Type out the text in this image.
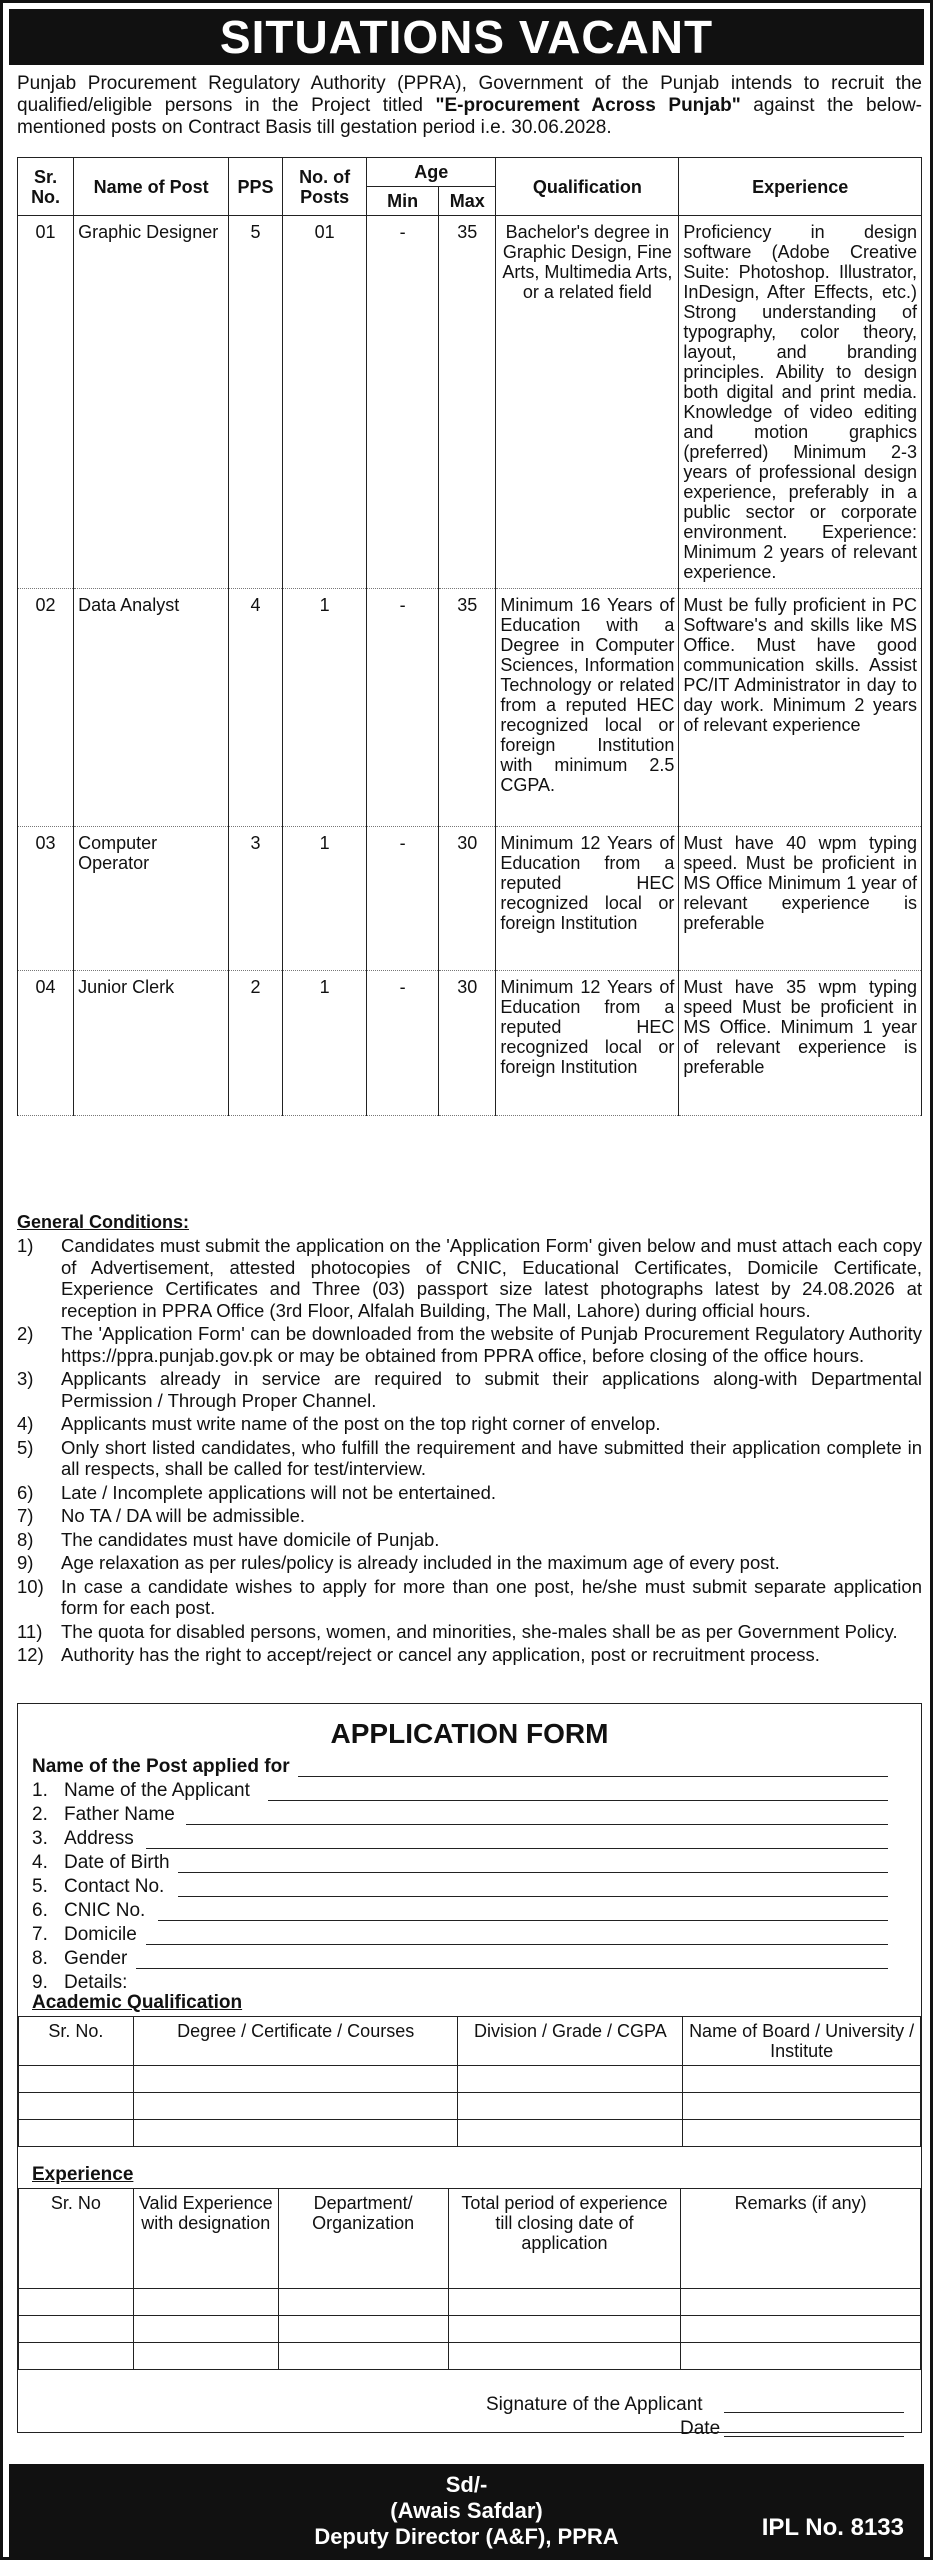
SITUATIONS VACANT
Punjab Procurement Regulatory Authority (PPRA), Government of the Punjab intends to recruit the qualified/eligible persons in the Project titled "E-procurement Across Punjab" against the below-mentioned posts on Contract Basis till gestation period i.e. 30.06.2028.
Sr. No.	Name of Post	PPS	No. of Posts	Age		Qualification	Experience
				Min	Max		
01	Graphic Designer	5	01	-	35	Bachelor's degree in Graphic Design, Fine Arts, Multimedia Arts, or a related field	Proficiency in design software (Adobe Creative Suite: Photoshop. Illustrator, InDesign, After Effects, etc.) Strong understanding of typography, color theory, layout, and branding principles. Ability to design both digital and print media. Knowledge of video editing and motion graphics (preferred) Minimum 2-3 years of professional design experience, preferably in a public sector or corporate environment. Experience: Minimum 2 years of relevant experience.
02	Data Analyst	4	1	-	35	Minimum 16 Years of Education with a Degree in Computer Sciences, Information Technology or related from a reputed HEC recognized local or foreign Institution with minimum 2.5 CGPA.	Must be fully proficient in PC Software's and skills like MS Office. Must have good communication skills. Assist PC/IT Administrator in day to day work. Minimum 2 years of relevant experience
03	Computer Operator	3	1	-	30	Minimum 12 Years of Education from a reputed HEC recognized local or foreign Institution	Must have 40 wpm typing speed. Must be proficient in MS Office Minimum 1 year of relevant experience is preferable
04	Junior Clerk	2	1	-	30	Minimum 12 Years of Education from a reputed HEC recognized local or foreign Institution	Must have 35 wpm typing speed Must be proficient in MS Office. Minimum 1 year of relevant experience is preferable
General Conditions:
1)	Candidates must submit the application on the 'Application Form' given below and must attach each copy of Advertisement, attested photocopies of CNIC, Educational Certificates, Domicile Certificate, Experience Certificates and Three (03) passport size latest photographs latest by 24.08.2026 at reception in PPRA Office (3rd Floor, Alfalah Building, The Mall, Lahore) during official hours.
2)	The 'Application Form' can be downloaded from the website of Punjab Procurement Regulatory Authority https://ppra.punjab.gov.pk or may be obtained from PPRA office, before closing of the office hours.
3)	Applicants already in service are required to submit their applications along-with Departmental Permission / Through Proper Channel.
4)	Applicants must write name of the post on the top right corner of envelop.
5)	Only short listed candidates, who fulfill the requirement and have submitted their application complete in all respects, shall be called for test/interview.
6)	Late / Incomplete applications will not be entertained.
7)	No TA / DA will be admissible.
8)	The candidates must have domicile of Punjab.
9)	Age relaxation as per rules/policy is already included in the maximum age of every post.
10) In case a candidate wishes to apply for more than one post, he/she must submit separate application form for each post.
11)	The quota for disabled persons, women, and minorities, she-males shall be as per Government Policy.
12) Authority has the right to accept/reject or cancel any application, post or recruitment process.
APPLICATION FORM
Name of the Post applied for
1. Name of the Applicant
2. Father Name
3. Address
4. Date of Birth
5. Contact No.
6. CNIC No.
7. Domicile
8. Gender
9. Details:
Academic Qualification
Sr. No.	Degree / Certificate / Courses	Division / Grade / CGPA	Name of Board / University / Institute

Experience
Sr. No	Valid Experience with designation	Department/ Organization	Total period of experience till closing date of application	Remarks (if any)

Signature of the Applicant
Date
Sd/-
(Awais Safdar)
Deputy Director (A&F), PPRA	IPL No. 8133
